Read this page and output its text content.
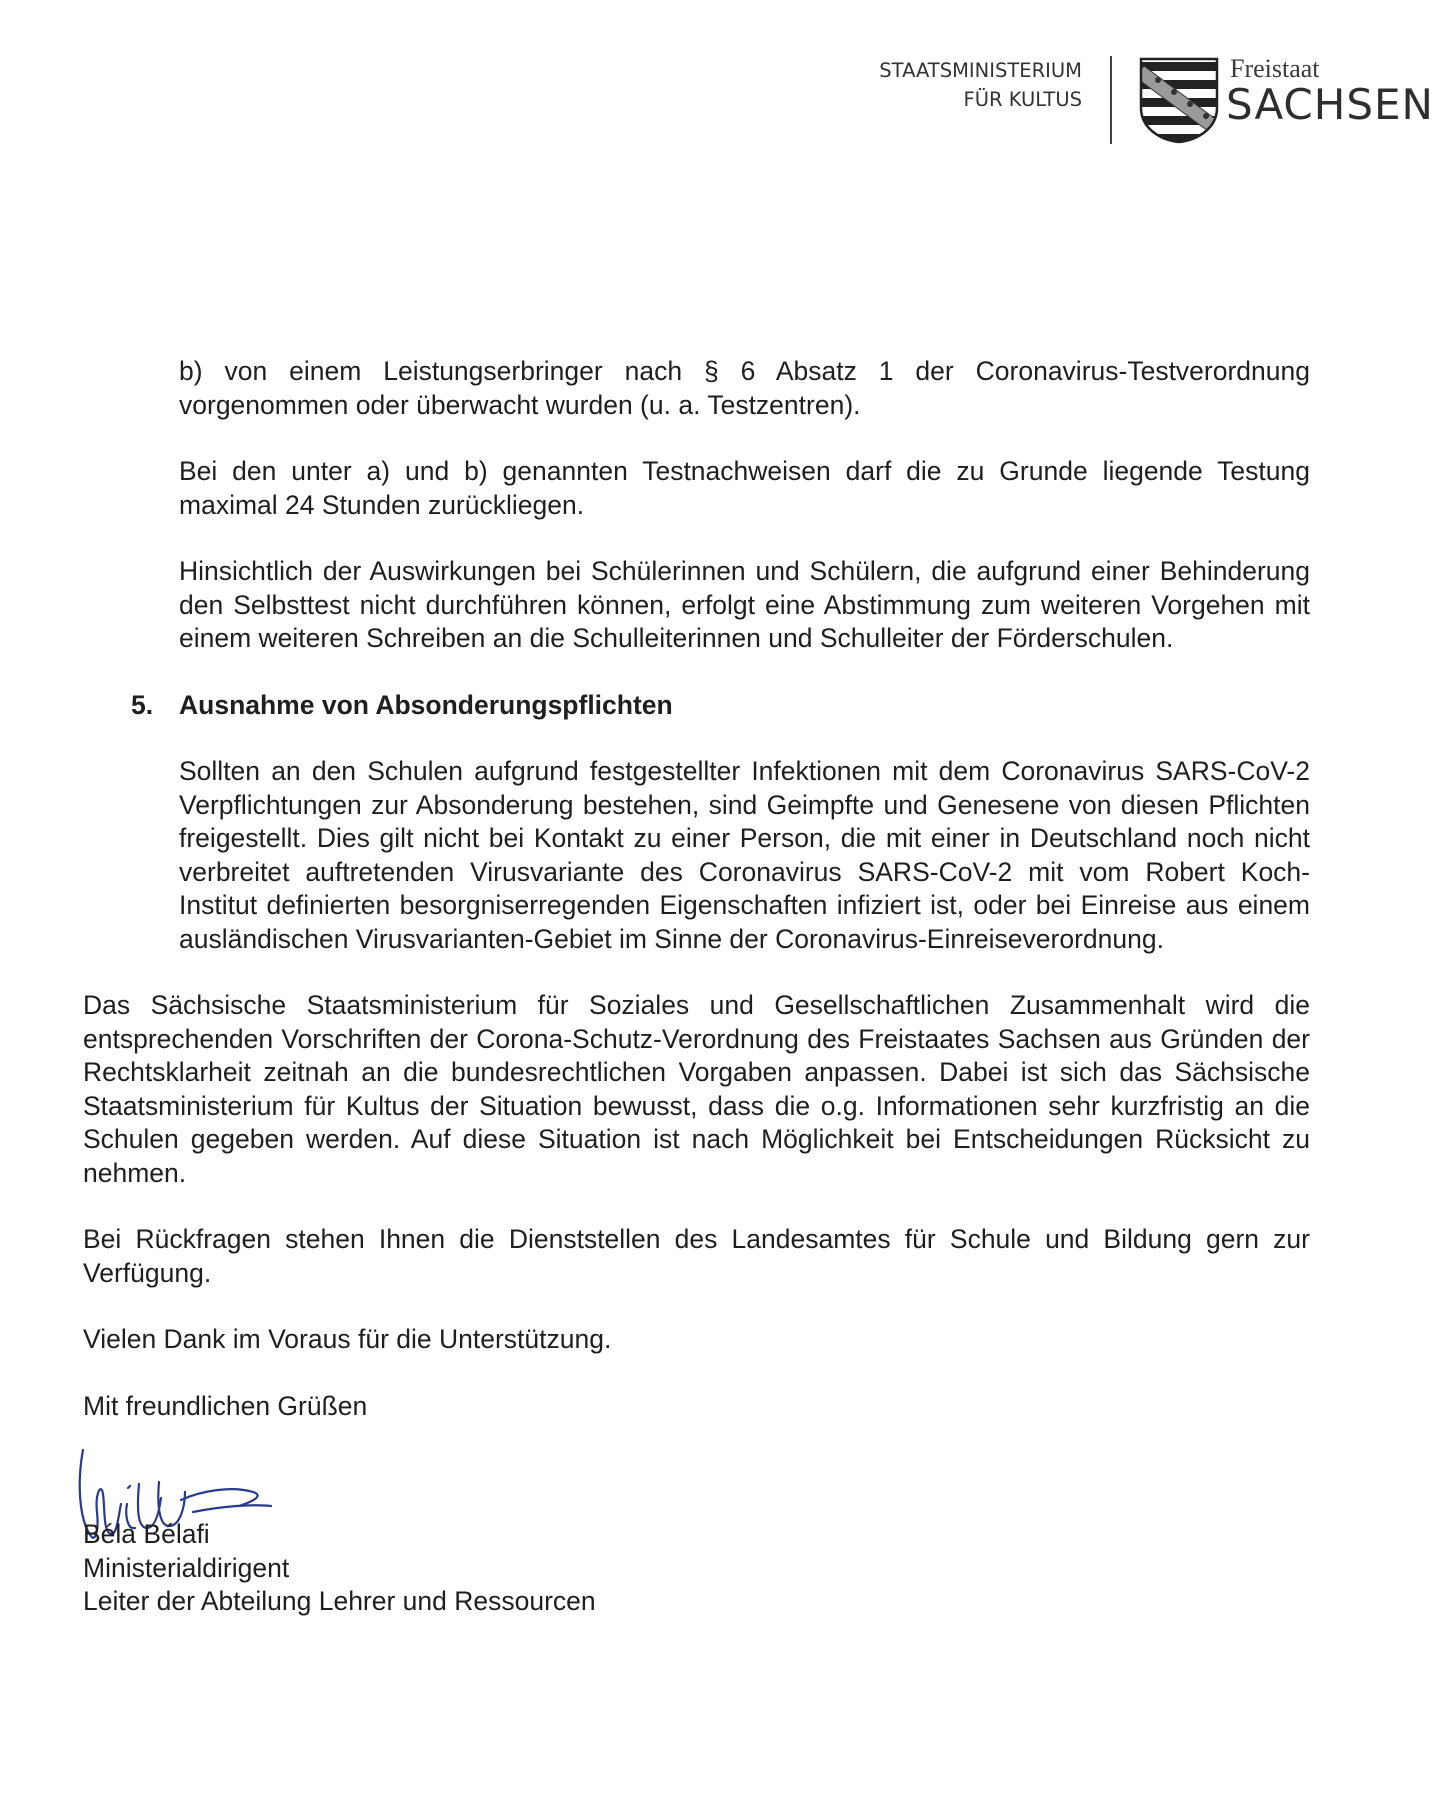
STAATSMINISTERIUM
FÜR KULTUS
Freistaat
SACHSEN

b) von einem Leistungserbringer nach § 6 Absatz 1 der Coronavirus-Testverordnung vorgenommen oder überwacht wurden (u. a. Testzentren).

Bei den unter a) und b) genannten Testnachweisen darf die zu Grunde liegende Testung maximal 24 Stunden zurückliegen.

Hinsichtlich der Auswirkungen bei Schülerinnen und Schülern, die aufgrund einer Behinderung den Selbsttest nicht durchführen können, erfolgt eine Abstimmung zum weiteren Vorgehen mit einem weiteren Schreiben an die Schulleiterinnen und Schulleiter der Förderschulen.

5. Ausnahme von Absonderungspflichten

Sollten an den Schulen aufgrund festgestellter Infektionen mit dem Coronavirus SARS-CoV-2 Verpflichtungen zur Absonderung bestehen, sind Geimpfte und Genesene von diesen Pflichten freigestellt. Dies gilt nicht bei Kontakt zu einer Person, die mit einer in Deutschland noch nicht verbreitet auftretenden Virusvariante des Coronavirus SARS-CoV-2 mit vom Robert Koch-Institut definierten besorgniserregenden Eigenschaften infiziert ist, oder bei Einreise aus einem ausländischen Virusvarianten-Gebiet im Sinne der Coronavirus-Einreiseverordnung.

Das Sächsische Staatsministerium für Soziales und Gesellschaftlichen Zusammenhalt wird die entsprechenden Vorschriften der Corona-Schutz-Verordnung des Freistaates Sachsen aus Gründen der Rechtsklarheit zeitnah an die bundesrechtlichen Vorgaben anpassen. Dabei ist sich das Sächsische Staatsministerium für Kultus der Situation bewusst, dass die o.g. Informationen sehr kurzfristig an die Schulen gegeben werden. Auf diese Situation ist nach Möglichkeit bei Entscheidungen Rücksicht zu nehmen.

Bei Rückfragen stehen Ihnen die Dienststellen des Landesamtes für Schule und Bildung gern zur Verfügung.

Vielen Dank im Voraus für die Unterstützung.

Mit freundlichen Grüßen

Béla Bélafi
Ministerialdirigent
Leiter der Abteilung Lehrer und Ressourcen
